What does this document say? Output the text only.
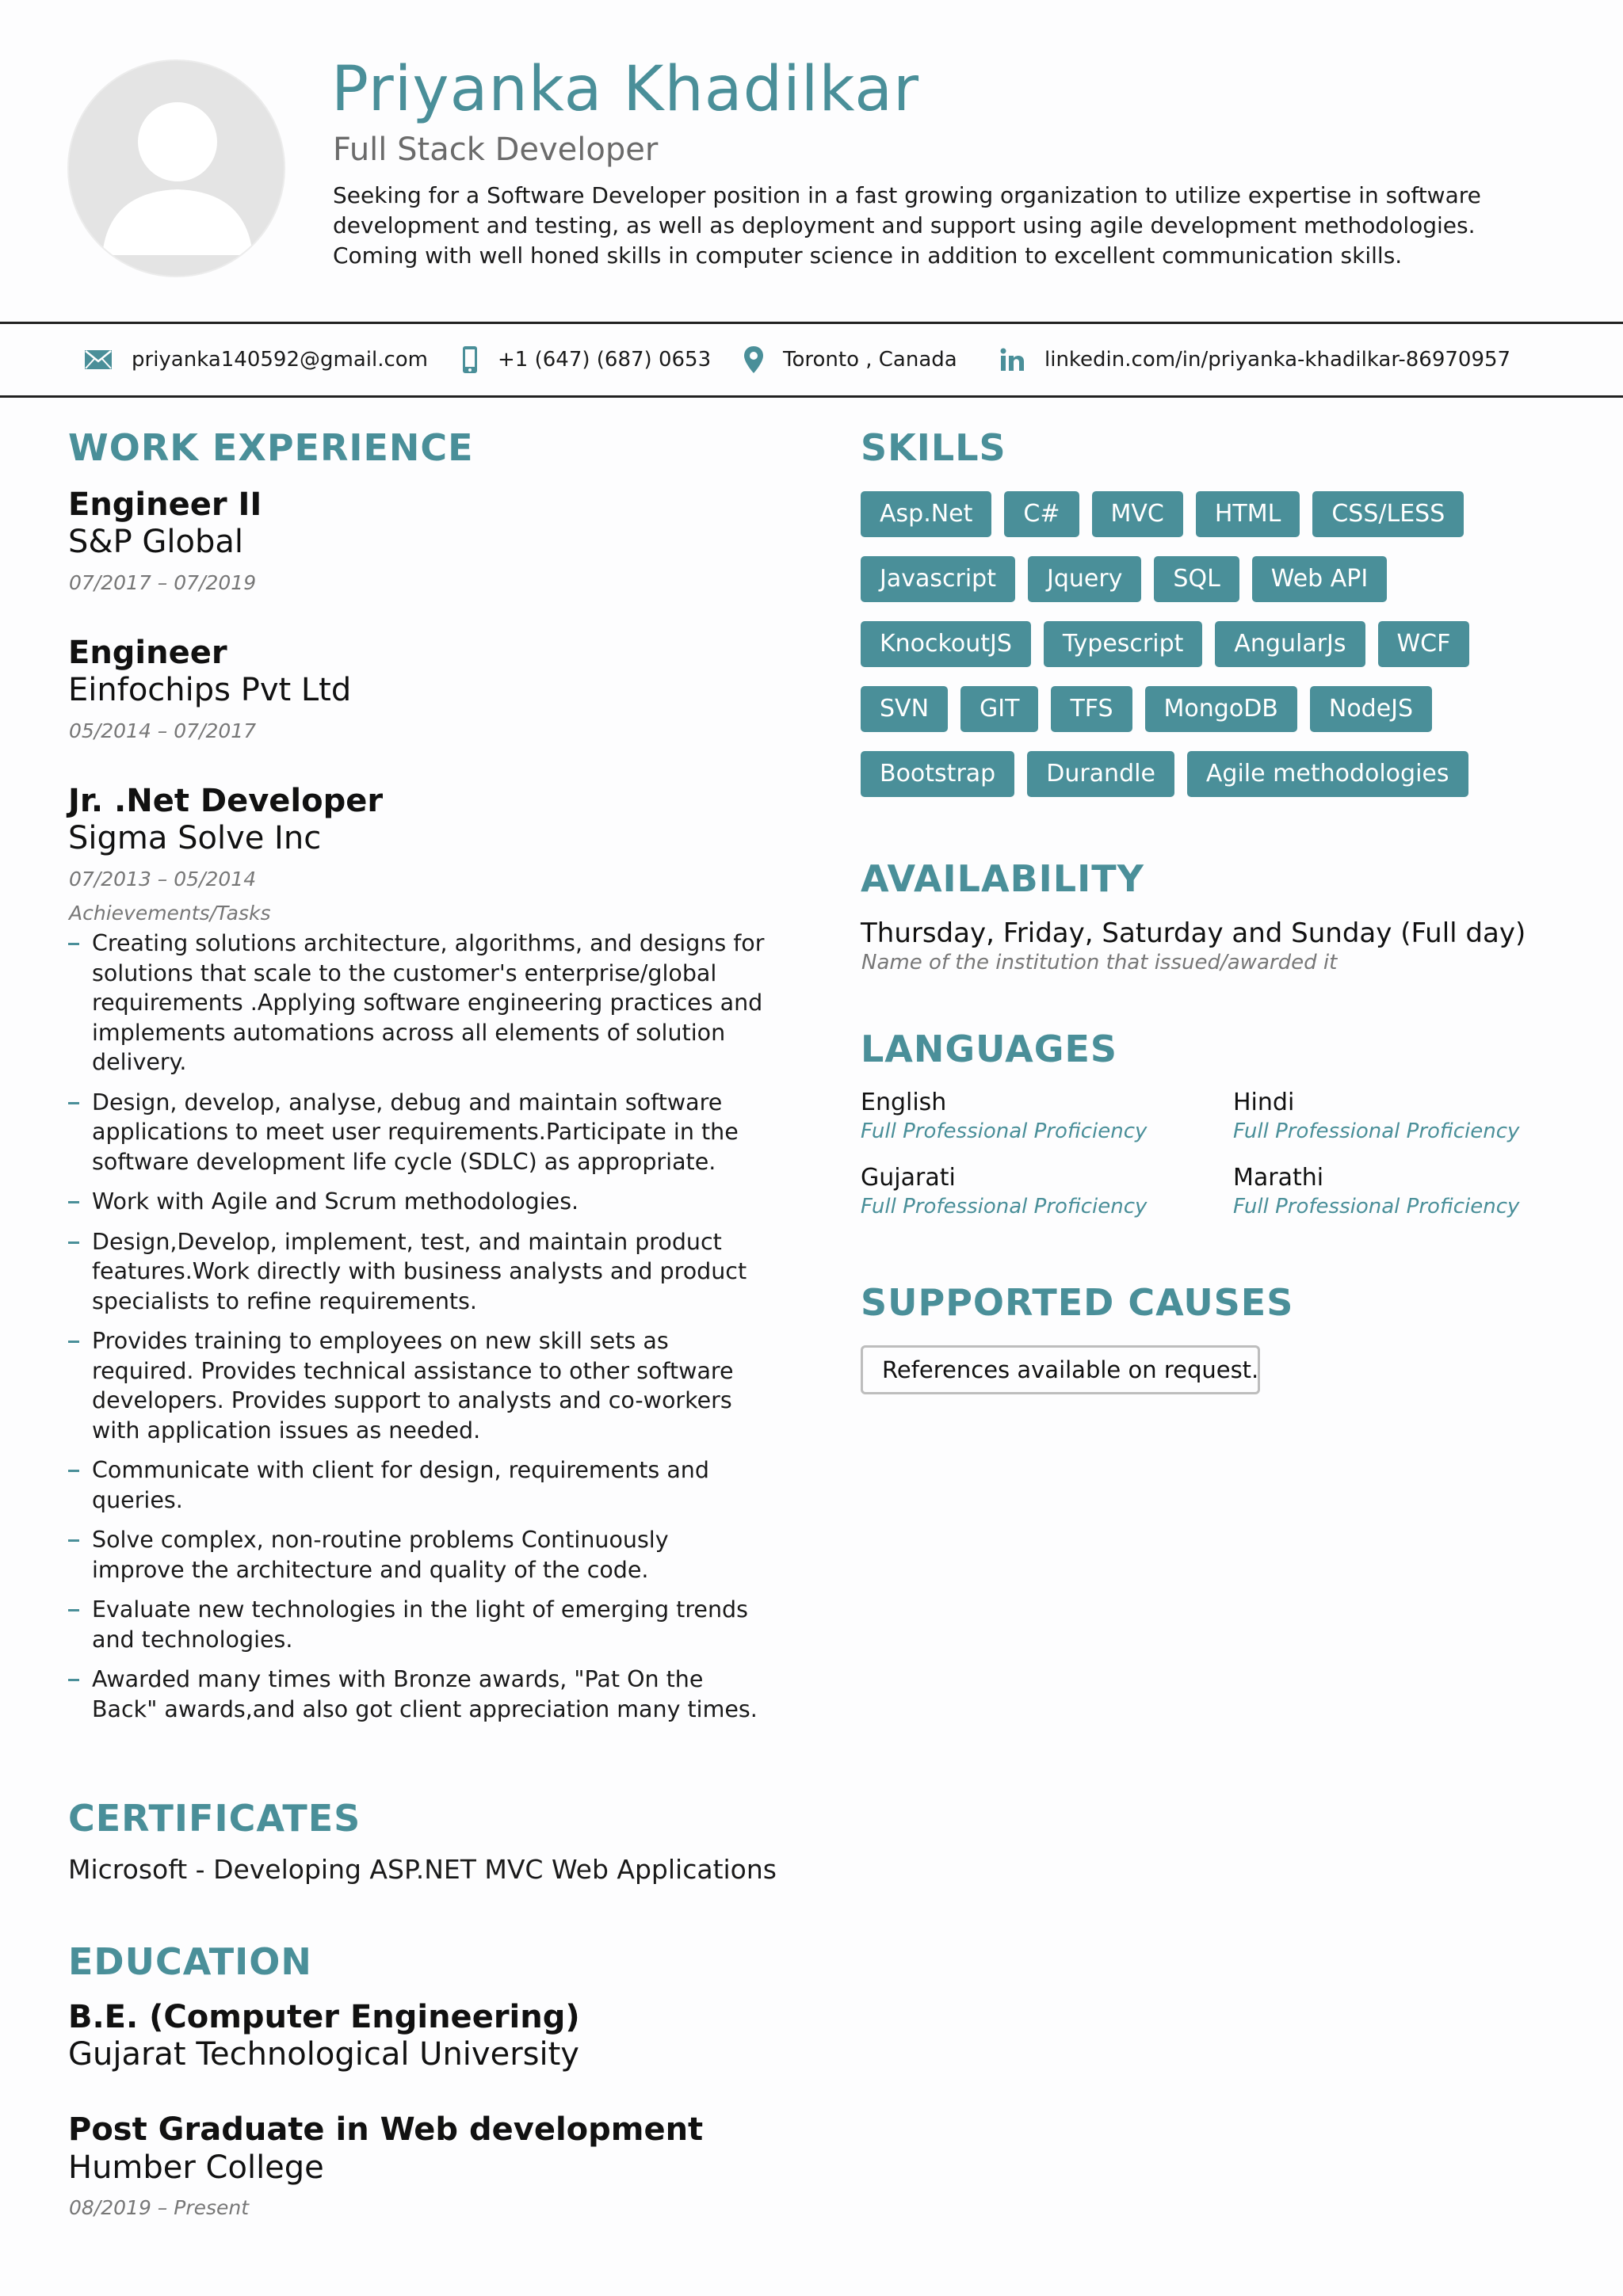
Priyanka Khadilkar
Full Stack Developer
Seeking for a Software Developer position in a fast growing organization to utilize expertise in software development and testing, as well as deployment and support using agile development methodologies. Coming with well honed skills in computer science in addition to excellent communication skills.
priyanka140592@gmail.com	+1 (647) (687) 0653	Toronto , Canada	linkedin.com/in/priyanka-khadilkar-86970957
WORK EXPERIENCE
Engineer II
S&P Global
07/2017 – 07/2019
Engineer
Einfochips Pvt Ltd
05/2014 – 07/2017
Jr. .Net Developer
Sigma Solve Inc
07/2013 – 05/2014
Achievements/Tasks
Creating solutions architecture, algorithms, and designs for solutions that scale to the customer's enterprise/global requirements .Applying software engineering practices and implements automations across all elements of solution delivery.
Design, develop, analyse, debug and maintain software applications to meet user requirements.Participate in the software development life cycle (SDLC) as appropriate.
Work with Agile and Scrum methodologies.
Design,Develop, implement, test, and maintain product features.Work directly with business analysts and product specialists to refine requirements.
Provides training to employees on new skill sets as required. Provides technical assistance to other software developers. Provides support to analysts and co-workers with application issues as needed.
Communicate with client for design, requirements and queries.
Solve complex, non-routine problems Continuously improve the architecture and quality of the code.
Evaluate new technologies in the light of emerging trends and technologies.
Awarded many times with Bronze awards, "Pat On the Back" awards,and also got client appreciation many times.
CERTIFICATES
Microsoft - Developing ASP.NET MVC Web Applications
EDUCATION
B.E. (Computer Engineering)
Gujarat Technological University
Post Graduate in Web development
Humber College
08/2019 – Present
SKILLS
Asp.Net	C#	MVC	HTML	CSS/LESS
Javascript	Jquery	SQL	Web API
KnockoutJS	Typescript	AngularJs	WCF
SVN	GIT	TFS	MongoDB	NodeJS
Bootstrap	Durandle	Agile methodologies
AVAILABILITY
Thursday, Friday, Saturday and Sunday (Full day)
Name of the institution that issued/awarded it
LANGUAGES
English
Full Professional Proficiency
Hindi
Full Professional Proficiency
Gujarati
Full Professional Proficiency
Marathi
Full Professional Proficiency
SUPPORTED CAUSES
References available on request.
